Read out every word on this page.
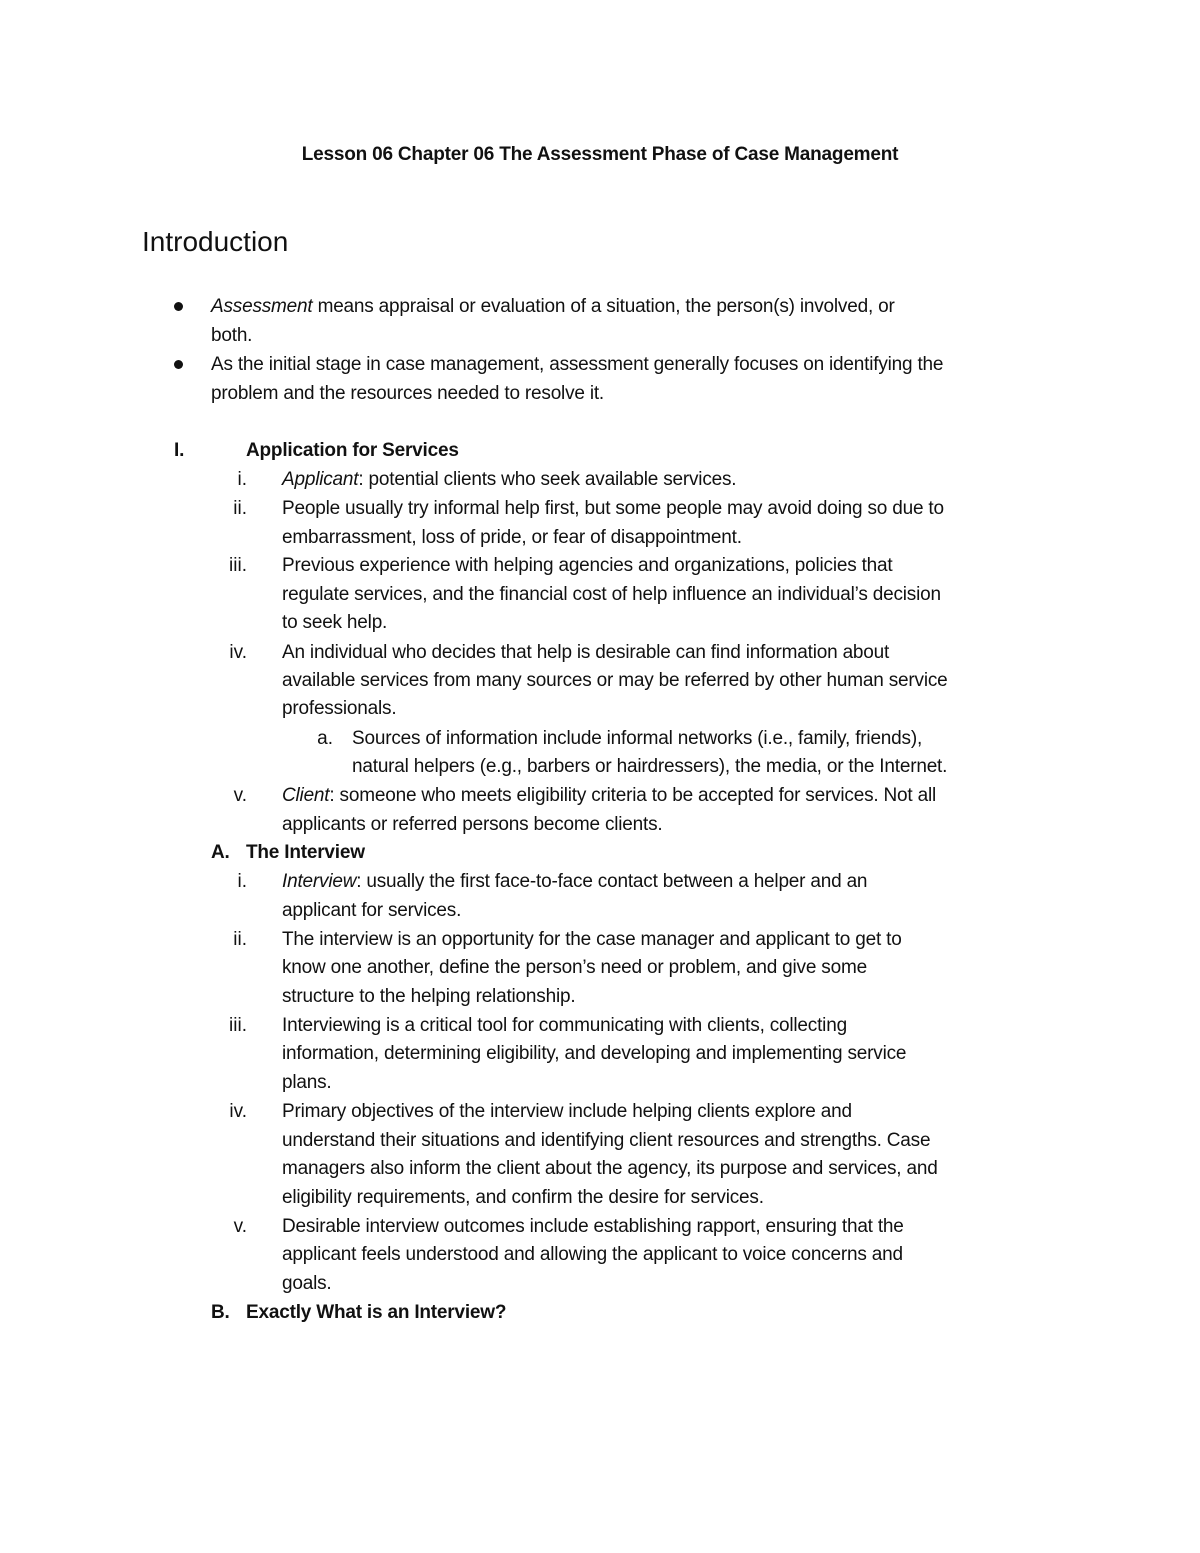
Lesson 06 Chapter 06 The Assessment Phase of Case Management
Introduction
Assessment means appraisal or evaluation of a situation, the person(s) involved, or
both.
As the initial stage in case management, assessment generally focuses on identifying the
problem and the resources needed to resolve it.
I.	Application for Services
i. Applicant: potential clients who seek available services.
ii. People usually try informal help first, but some people may avoid doing so due to
embarrassment, loss of pride, or fear of disappointment.
iii. Previous experience with helping agencies and organizations, policies that
regulate services, and the financial cost of help influence an individual’s decision
to seek help.
iv. An individual who decides that help is desirable can find information about
available services from many sources or may be referred by other human service
professionals.
a. Sources of information include informal networks (i.e., family, friends),
natural helpers (e.g., barbers or hairdressers), the media, or the Internet.
v. Client: someone who meets eligibility criteria to be accepted for services. Not all
applicants or referred persons become clients.
A. The Interview
i. Interview: usually the first face-to-face contact between a helper and an
applicant for services.
ii. The interview is an opportunity for the case manager and applicant to get to
know one another, define the person’s need or problem, and give some
structure to the helping relationship.
iii. Interviewing is a critical tool for communicating with clients, collecting
information, determining eligibility, and developing and implementing service
plans.
iv. Primary objectives of the interview include helping clients explore and
understand their situations and identifying client resources and strengths. Case
managers also inform the client about the agency, its purpose and services, and
eligibility requirements, and confirm the desire for services.
v. Desirable interview outcomes include establishing rapport, ensuring that the
applicant feels understood and allowing the applicant to voice concerns and
goals.
B. Exactly What is an Interview?
